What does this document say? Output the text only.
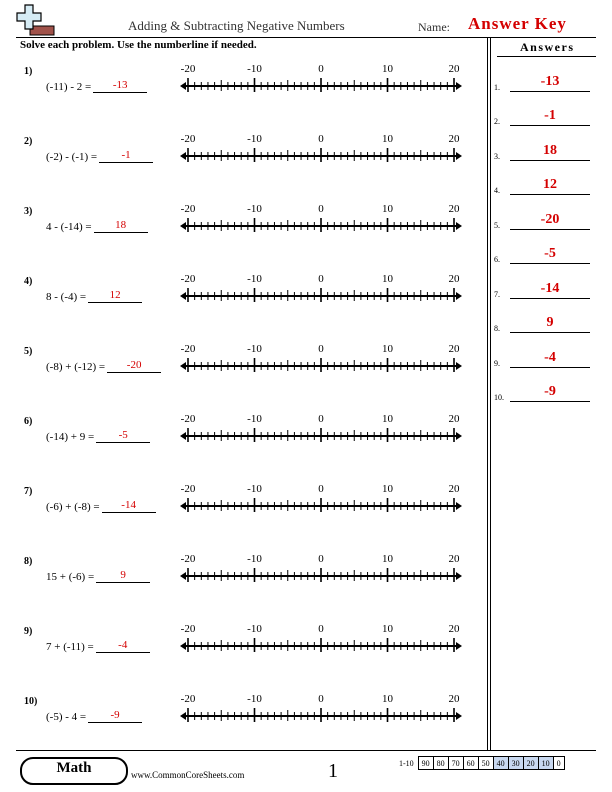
Adding & Subtracting Negative Numbers	Name: Answer Key
Solve each problem. Use the numberline if needed.
1)
(-11) - 2 =	-13
-20	-10	0	10	20
2)
(-2) - (-1) =	-1
-20	-10	0	10	20
3)
4 - (-14) =	18
-20	-10	0	10	20
4)
8 - (-4) =	12
-20	-10	0	10	20
5)
(-8) + (-12) =	-20
-20	-10	0	10	20
6)
(-14) + 9 =	-5
-20	-10	0	10	20
7)
(-6) + (-8) =	-14
-20	-10	0	10	20
8)
15 + (-6) =	9
-20	-10	0	10	20
9)
7 + (-11) =	-4
-20	-10	0	10	20
10)
(-5) - 4 =	-9
-20	-10	0	10	20
Answers
1.	-13
2.	-1
3.	18
4.	12
5.	-20
6.	-5
7.	-14
8.	9
9.	-4
10.	-9
Math	www.CommonCoreSheets.com	1	1-10	90	80	70	60	50	40	30	20	10	0
